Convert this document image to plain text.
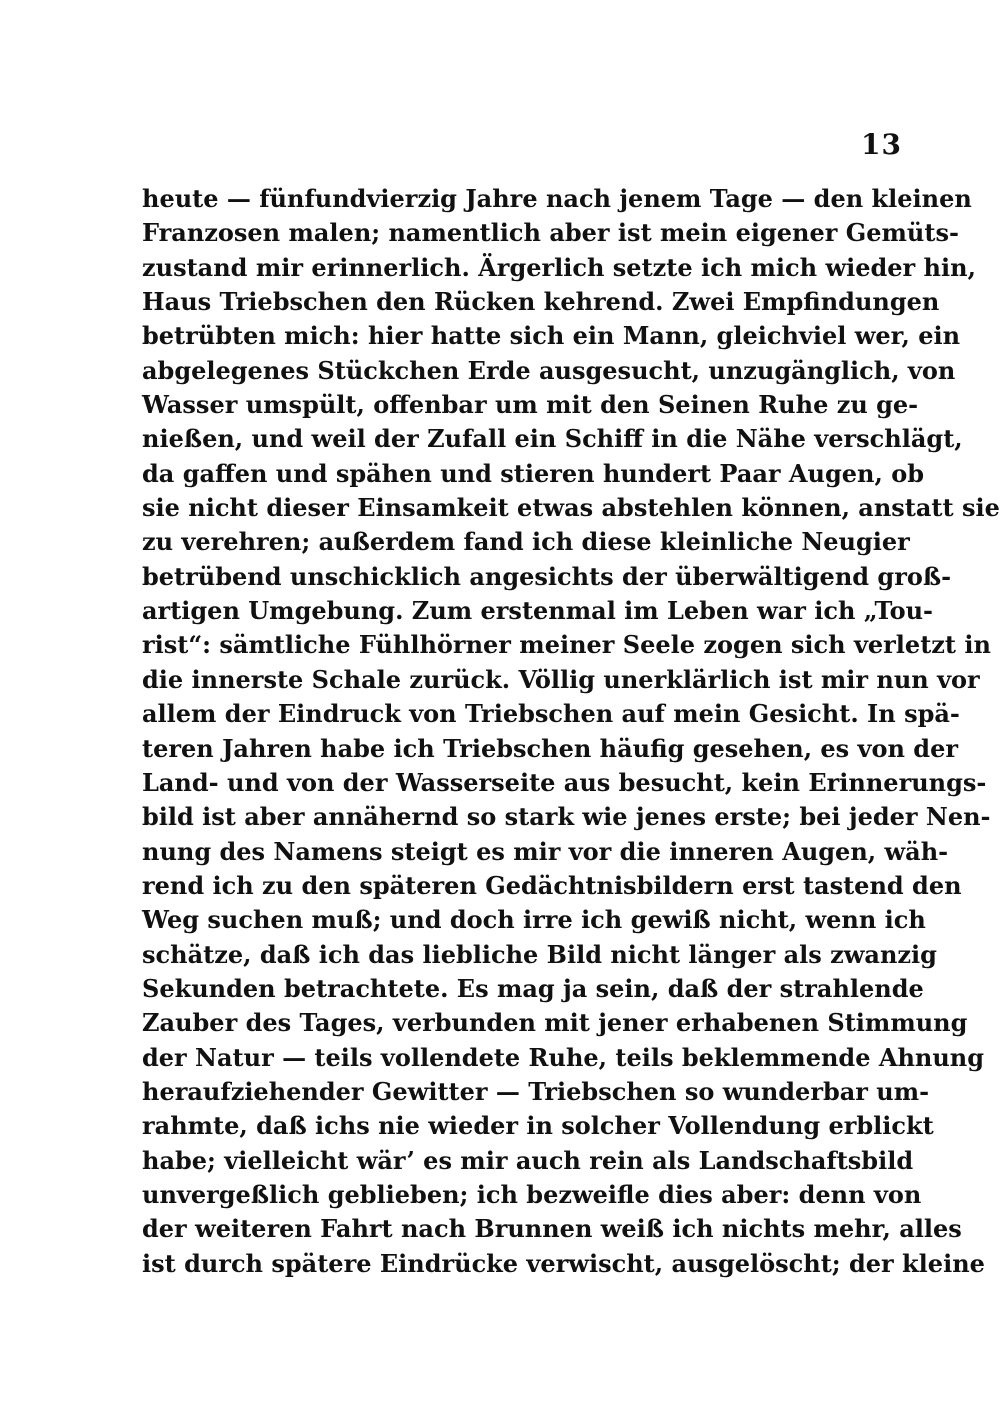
13
heute — fünfundvierzig Jahre nach jenem Tage — den kleinen
Franzosen malen; namentlich aber ist mein eigener Gemüts-
zustand mir erinnerlich. Ärgerlich setzte ich mich wieder hin,
Haus Triebschen den Rücken kehrend. Zwei Empfindungen
betrübten mich: hier hatte sich ein Mann, gleichviel wer, ein
abgelegenes Stückchen Erde ausgesucht, unzugänglich, von
Wasser umspült, offenbar um mit den Seinen Ruhe zu ge-
nießen, und weil der Zufall ein Schiff in die Nähe verschlägt,
da gaffen und spähen und stieren hundert Paar Augen, ob
sie nicht dieser Einsamkeit etwas abstehlen können, anstatt sie
zu verehren; außerdem fand ich diese kleinliche Neugier
betrübend unschicklich angesichts der überwältigend groß-
artigen Umgebung. Zum erstenmal im Leben war ich „Tou-
rist“: sämtliche Fühlhörner meiner Seele zogen sich verletzt in
die innerste Schale zurück. Völlig unerklärlich ist mir nun vor
allem der Eindruck von Triebschen auf mein Gesicht. In spä-
teren Jahren habe ich Triebschen häufig gesehen, es von der
Land- und von der Wasserseite aus besucht, kein Erinnerungs-
bild ist aber annähernd so stark wie jenes erste; bei jeder Nen-
nung des Namens steigt es mir vor die inneren Augen, wäh-
rend ich zu den späteren Gedächtnisbildern erst tastend den
Weg suchen muß; und doch irre ich gewiß nicht, wenn ich
schätze, daß ich das liebliche Bild nicht länger als zwanzig
Sekunden betrachtete. Es mag ja sein, daß der strahlende
Zauber des Tages, verbunden mit jener erhabenen Stimmung
der Natur — teils vollendete Ruhe, teils beklemmende Ahnung
heraufziehender Gewitter — Triebschen so wunderbar um-
rahmte, daß ichs nie wieder in solcher Vollendung erblickt
habe; vielleicht wär’ es mir auch rein als Landschaftsbild
unvergeßlich geblieben; ich bezweifle dies aber: denn von
der weiteren Fahrt nach Brunnen weiß ich nichts mehr, alles
ist durch spätere Eindrücke verwischt, ausgelöscht; der kleine
